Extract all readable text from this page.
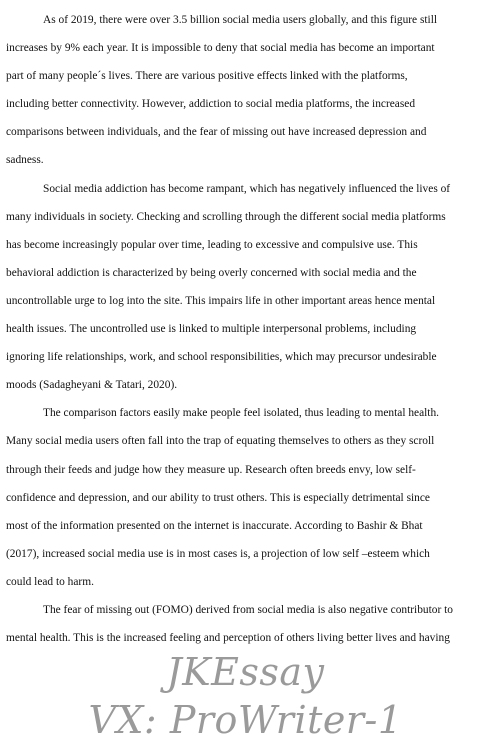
As of 2019, there were over 3.5 billion social media users globally, and this figure still
increases by 9% each year. It is impossible to deny that social media has become an important
part of many people´s lives. There are various positive effects linked with the platforms,
including better connectivity. However, addiction to social media platforms, the increased
comparisons between individuals, and the fear of missing out have increased depression and
sadness.
Social media addiction has become rampant, which has negatively influenced the lives of
many individuals in society. Checking and scrolling through the different social media platforms
has become increasingly popular over time, leading to excessive and compulsive use. This
behavioral addiction is characterized by being overly concerned with social media and the
uncontrollable urge to log into the site. This impairs life in other important areas hence mental
health issues. The uncontrolled use is linked to multiple interpersonal problems, including
ignoring life relationships, work, and school responsibilities, which may precursor undesirable
moods (Sadagheyani & Tatari, 2020).
The comparison factors easily make people feel isolated, thus leading to mental health.
Many social media users often fall into the trap of equating themselves to others as they scroll
through their feeds and judge how they measure up. Research often breeds envy, low self-
confidence and depression, and our ability to trust others. This is especially detrimental since
most of the information presented on the internet is inaccurate. According to Bashir & Bhat
(2017), increased social media use is in most cases is, a projection of low self –esteem which
could lead to harm.
The fear of missing out (FOMO) derived from social media is also negative contributor to
mental health. This is the increased feeling and perception of others living better lives and having
JKEssay
VX: ProWriter-1
